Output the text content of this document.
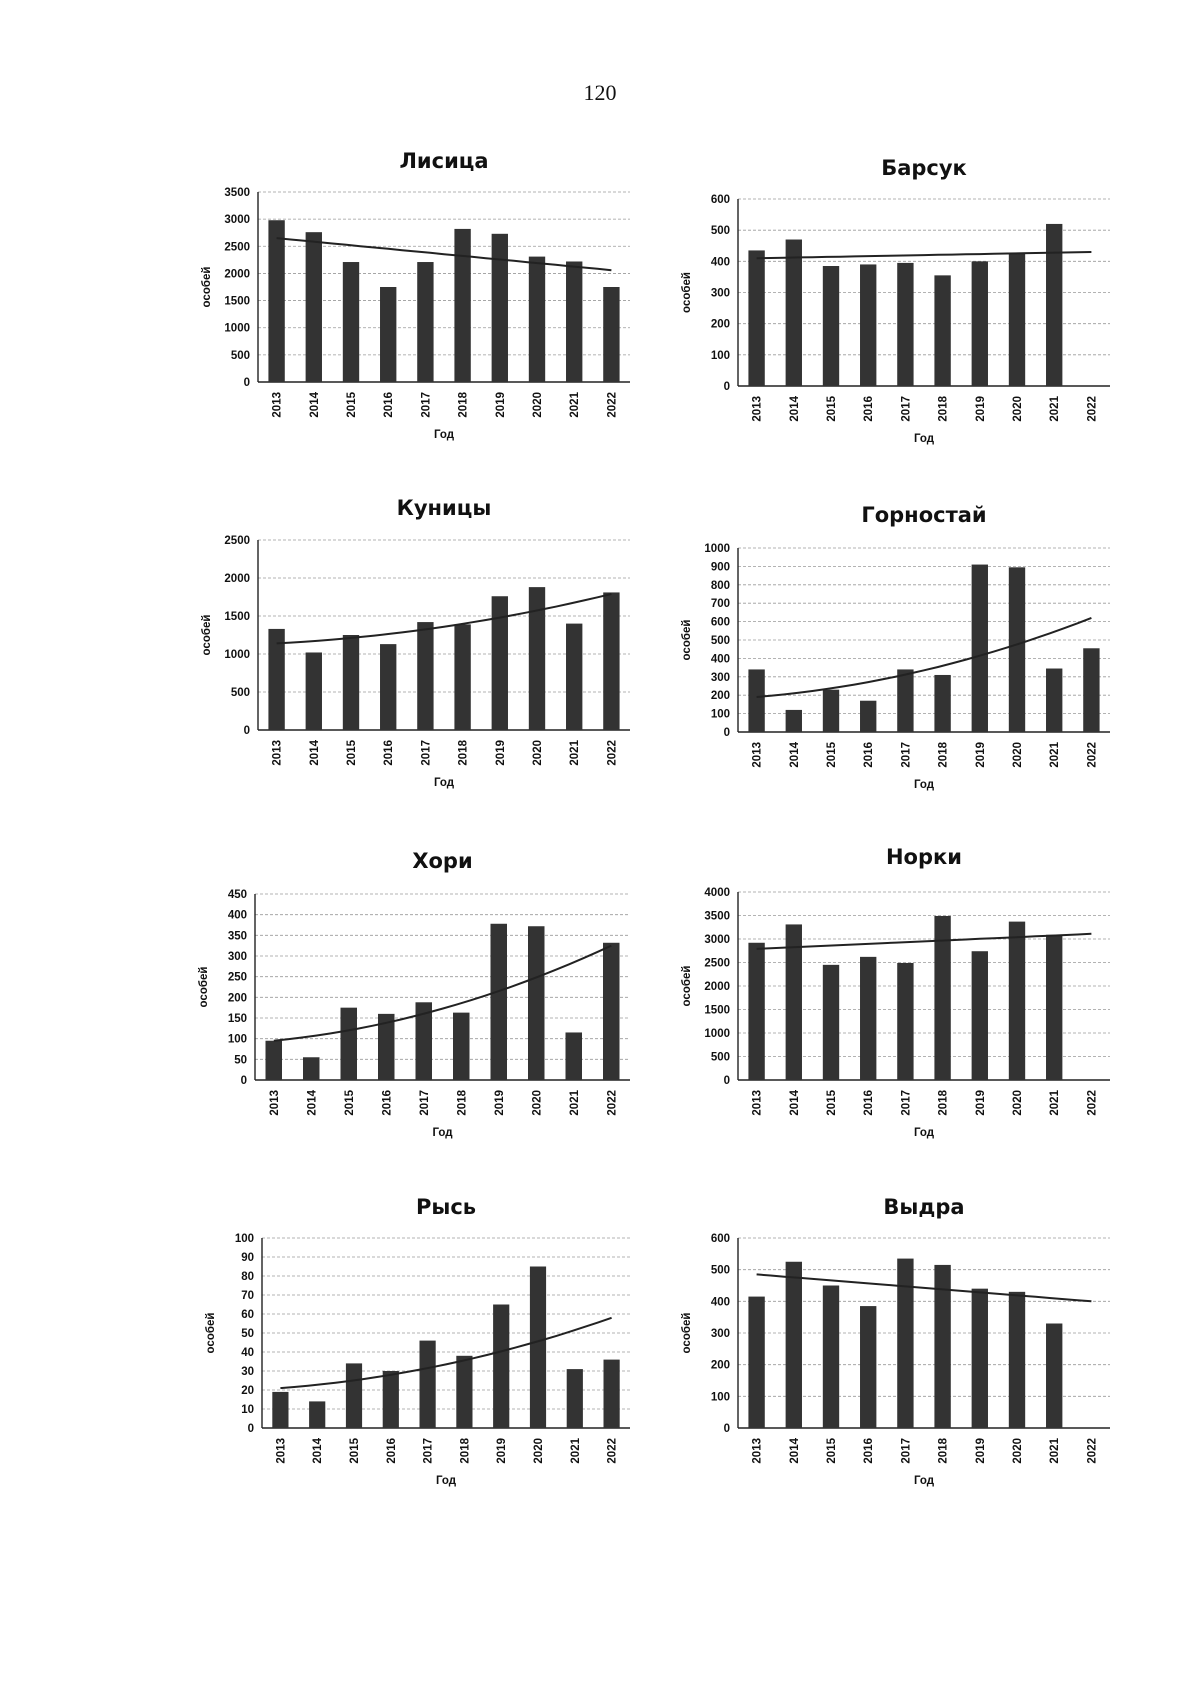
120
Лисица
0
500
1000
1500
2000
2500
3000
3500
2013 2014 2015 2016 2017 2018 2019 2020 2021 2022
особей
Год
Барсук
0
100
200
300
400
500
600
2013 2014 2015 2016 2017 2018 2019 2020 2021 2022
особей
Год
Куницы
0
500
1000
1500
2000
2500
2013 2014 2015 2016 2017 2018 2019 2020 2021 2022
особей
Год
Горностай
0
100
200
300
400
500
600
700
800
900
1000
2013 2014 2015 2016 2017 2018 2019 2020 2021 2022
особей
Год
Хори
0
50
100
150
200
250
300
350
400
450
2013 2014 2015 2016 2017 2018 2019 2020 2021 2022
особей
Год
Норки
0
500
1000
1500
2000
2500
3000
3500
4000
2013 2014 2015 2016 2017 2018 2019 2020 2021 2022
особей
Год
Рысь
0
10
20
30
40
50
60
70
80
90
100
2013 2014 2015 2016 2017 2018 2019 2020 2021 2022
особей
Год
Выдра
0
100
200
300
400
500
600
2013 2014 2015 2016 2017 2018 2019 2020 2021 2022
особей
Год
